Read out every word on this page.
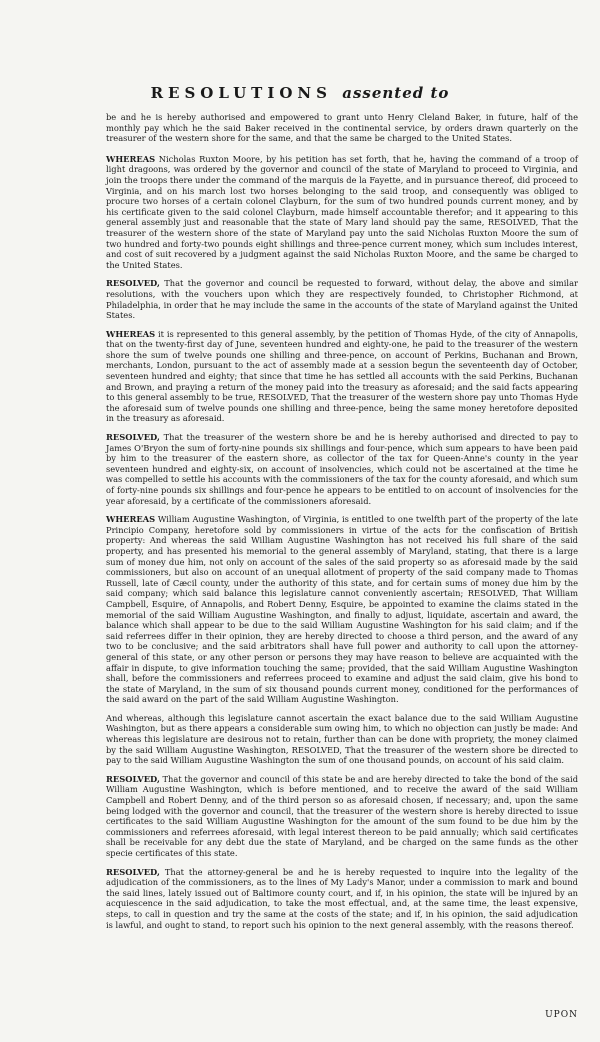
RESOLUTIONS assented to

be and he is hereby authorised and empowered to grant unto Henry Cleland Baker, in future, half of the monthly pay which he the said Baker received in the continental service, by orders drawn quarterly on the treasurer of the western shore for the same, and that the same be charged to the United States.

WHEREAS Nicholas Ruxton Moore, by his petition has set forth, that he, having the command of a troop of light dragoons, was ordered by the governor and council of the state of Maryland to proceed to Virginia, and join the troops there under the command of the marquis de la Fayette, and in pursuance thereof, did proceed to Virginia, and on his march lost two horses belonging to the said troop, and consequently was obliged to procure two horses of a certain colonel Clayburn, for the sum of two hundred pounds current money, and by his certificate given to the said colonel Clayburn, made himself accountable therefor; and it appearing to this general assembly just and reasonable that the state of Mary land should pay the same, RESOLVED, That the treasurer of the western shore of the state of Maryland pay unto the said Nicholas Ruxton Moore the sum of two hundred and forty-two pounds eight shillings and three-pence current money, which sum includes interest, and cost of suit recovered by a judgment against the said Nicholas Ruxton Moore, and the same be charged to the United States.

RESOLVED, That the governor and council be requested to forward, without delay, the above and similar resolutions, with the vouchers upon which they are respectively founded, to Christopher Richmond, at Philadelphia, in order that he may include the same in the accounts of the state of Maryland against the United States.

WHEREAS it is represented to this general assembly, by the petition of Thomas Hyde, of the city of Annapolis, that on the twenty-first day of June, seventeen hundred and eighty-one, he paid to the treasurer of the western shore the sum of twelve pounds one shilling and three-pence, on account of Perkins, Buchanan and Brown, merchants, London, pursuant to the act of assembly made at a session begun the seventeenth day of October, seventeen hundred and eighty; that since that time he has settled all accounts with the said Perkins, Buchanan and Brown, and praying a return of the money paid into the treasury as aforesaid; and the said facts appearing to this general assembly to be true, RESOLVED, That the treasurer of the western shore pay unto Thomas Hyde the aforesaid sum of twelve pounds one shilling and three-pence, being the same money heretofore deposited in the treasury as aforesaid.

RESOLVED, That the treasurer of the western shore be and he is hereby authorised and directed to pay to James O'Bryon the sum of forty-nine pounds six shillings and four-pence, which sum appears to have been paid by him to the treasurer of the eastern shore, as collector of the tax for Queen-Anne's county in the year seventeen hundred and eighty-six, on account of insolvencies, which could not be ascertained at the time he was compelled to settle his accounts with the commissioners of the tax for the county aforesaid, and which sum of forty-nine pounds six shillings and four-pence he appears to be entitled to on account of insolvencies for the year aforesaid, by a certificate of the commissioners aforesaid.

WHEREAS William Augustine Washington, of Virginia, is entitled to one twelfth part of the property of the late Principio Company, heretofore sold by commissioners in virtue of the acts for the confiscation of British property: And whereas the said William Augustine Washington has not received his full share of the said property, and has presented his memorial to the general assembly of Maryland, stating, that there is a large sum of money due him, not only on account of the sales of the said property so as aforesaid made by the said commissioners, but also on account of an unequal allotment of property of the said company made to Thomas Russell, late of Cæcil county, under the authority of this state, and for certain sums of money due him by the said company; which said balance this legislature cannot conveniently ascertain; RESOLVED, That William Campbell, Esquire, of Annapolis, and Robert Denny, Esquire, be appointed to examine the claims stated in the memorial of the said William Augustine Washington, and finally to adjust, liquidate, ascertain and award, the balance which shall appear to be due to the said William Augustine Washington for his said claim; and if the said referrees differ in their opinion, they are hereby directed to choose a third person, and the award of any two to be conclusive; and the said arbitrators shall have full power and authority to call upon the attorney-general of this state, or any other person or persons they may have reason to believe are acquainted with the affair in dispute, to give information touching the same; provided, that the said William Augustine Washington shall, before the commissioners and referrees proceed to examine and adjust the said claim, give his bond to the state of Maryland, in the sum of six thousand pounds current money, conditioned for the performances of the said award on the part of the said William Augustine Washington.

And whereas, although this legislature cannot ascertain the exact balance due to the said William Augustine Washington, but as there appears a considerable sum owing him, to which no objection can justly be made: And whereas this legislature are desirous not to retain, further than can be done with propriety, the money claimed by the said William Augustine Washington, RESOLVED, That the treasurer of the western shore be directed to pay to the said William Augustine Washington the sum of one thousand pounds, on account of his said claim.

RESOLVED, That the governor and council of this state be and are hereby directed to take the bond of the said William Augustine Washington, which is before mentioned, and to receive the award of the said William Campbell and Robert Denny, and of the third person so as aforesaid chosen, if necessary; and, upon the same being lodged with the governor and council, that the treasurer of the western shore is hereby directed to issue certificates to the said William Augustine Washington for the amount of the sum found to be due him by the commissioners and referrees aforesaid, with legal interest thereon to be paid annually; which said certificates shall be receivable for any debt due the state of Maryland, and be charged on the same funds as the other specie certificates of this state.

RESOLVED, That the attorney-general be and he is hereby requested to inquire into the legality of the adjudication of the commissioners, as to the lines of My Lady's Manor, under a commission to mark and bound the said lines, lately issued out of Baltimore county court, and if, in his opinion, the state will be injured by an acquiescence in the said adjudication, to take the most effectual, and, at the same time, the least expensive, steps, to call in question and try the same at the costs of the state; and if, in his opinion, the said adjudication is lawful, and ought to stand, to report such his opinion to the next general assembly, with the reasons thereof.

UPON
